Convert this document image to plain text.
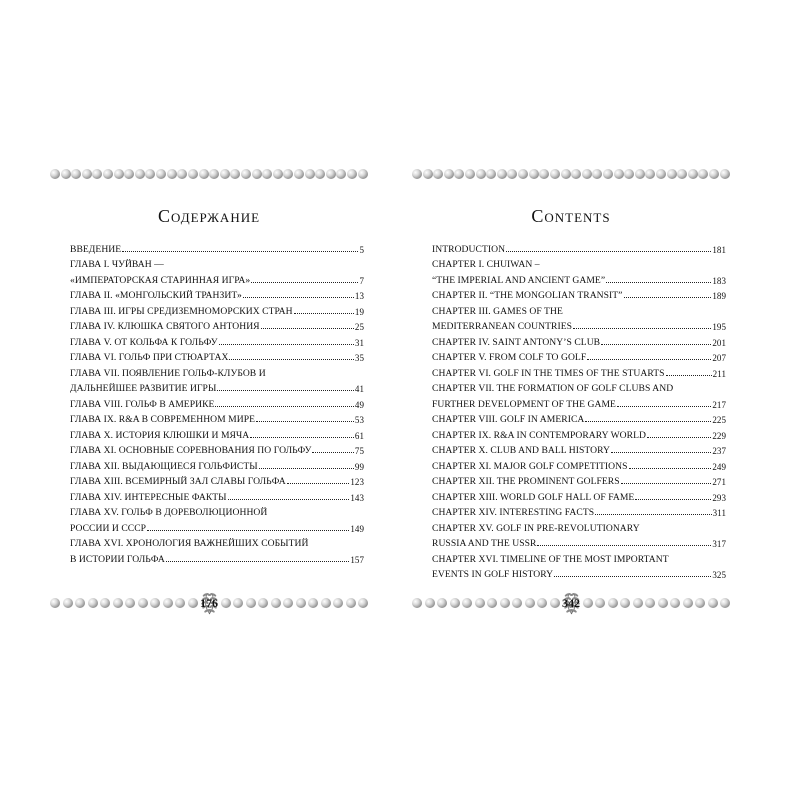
Содержание
ВВЕДЕНИЕ	5
ГЛАВА I. ЧУЙВАН —
«ИМПЕРАТОРСКАЯ СТАРИННАЯ ИГРА»	7
ГЛАВА II. «МОНГОЛЬСКИЙ ТРАНЗИТ»	13
ГЛАВА III. ИГРЫ СРЕДИЗЕМНОМОРСКИХ СТРАН	19
ГЛАВА IV. КЛЮШКА СВЯТОГО АНТОНИЯ	25
ГЛАВА V. ОТ КОЛЬФА К ГОЛЬФУ	31
ГЛАВА VI. ГОЛЬФ ПРИ СТЮАРТАХ	35
ГЛАВА VII. ПОЯВЛЕНИЕ ГОЛЬФ-КЛУБОВ И
ДАЛЬНЕЙШЕЕ РАЗВИТИЕ ИГРЫ	41
ГЛАВА VIII. ГОЛЬФ В АМЕРИКЕ	49
ГЛАВА IX. R&A В СОВРЕМЕННОМ МИРЕ	53
ГЛАВА X. ИСТОРИЯ КЛЮШКИ И МЯЧА	61
ГЛАВА XI. ОСНОВНЫЕ СОРЕВНОВАНИЯ ПО ГОЛЬФУ	75
ГЛАВА XII. ВЫДАЮЩИЕСЯ ГОЛЬФИСТЫ	99
ГЛАВА XIII. ВСЕМИРНЫЙ ЗАЛ СЛАВЫ ГОЛЬФА	123
ГЛАВА XIV. ИНТЕРЕСНЫЕ ФАКТЫ	143
ГЛАВА XV. ГОЛЬФ В ДОРЕВОЛЮЦИОННОЙ
РОССИИ И СССР	149
ГЛАВА XVI. ХРОНОЛОГИЯ ВАЖНЕЙШИХ СОБЫТИЙ
В ИСТОРИИ ГОЛЬФА	157
176
Contents
INTRODUCTION	181
CHAPTER I. CHUIWAN –
“THE IMPERIAL AND ANCIENT GAME”	183
CHAPTER II. “THE MONGOLIAN TRANSIT”	189
CHAPTER III. GAMES OF THE
MEDITERRANEAN COUNTRIES	195
CHAPTER IV. SAINT ANTONY’S CLUB	201
CHAPTER V. FROM COLF TO GOLF	207
CHAPTER VI. GOLF IN THE TIMES OF THE STUARTS	211
CHAPTER VII. THE FORMATION OF GOLF CLUBS AND
FURTHER DEVELOPMENT OF THE GAME	217
CHAPTER VIII. GOLF IN AMERICA	225
CHAPTER IX. R&A IN CONTEMPORARY WORLD	229
CHAPTER X. CLUB AND BALL HISTORY	237
CHAPTER XI. MAJOR GOLF COMPETITIONS	249
CHAPTER XII. THE PROMINENT GOLFERS	271
CHAPTER XIII. WORLD GOLF HALL OF FAME	293
CHAPTER XIV. INTERESTING FACTS	311
CHAPTER XV. GOLF IN PRE-REVOLUTIONARY
RUSSIA AND THE USSR	317
CHAPTER XVI. TIMELINE OF THE MOST IMPORTANT
EVENTS IN GOLF HISTORY	325
342
